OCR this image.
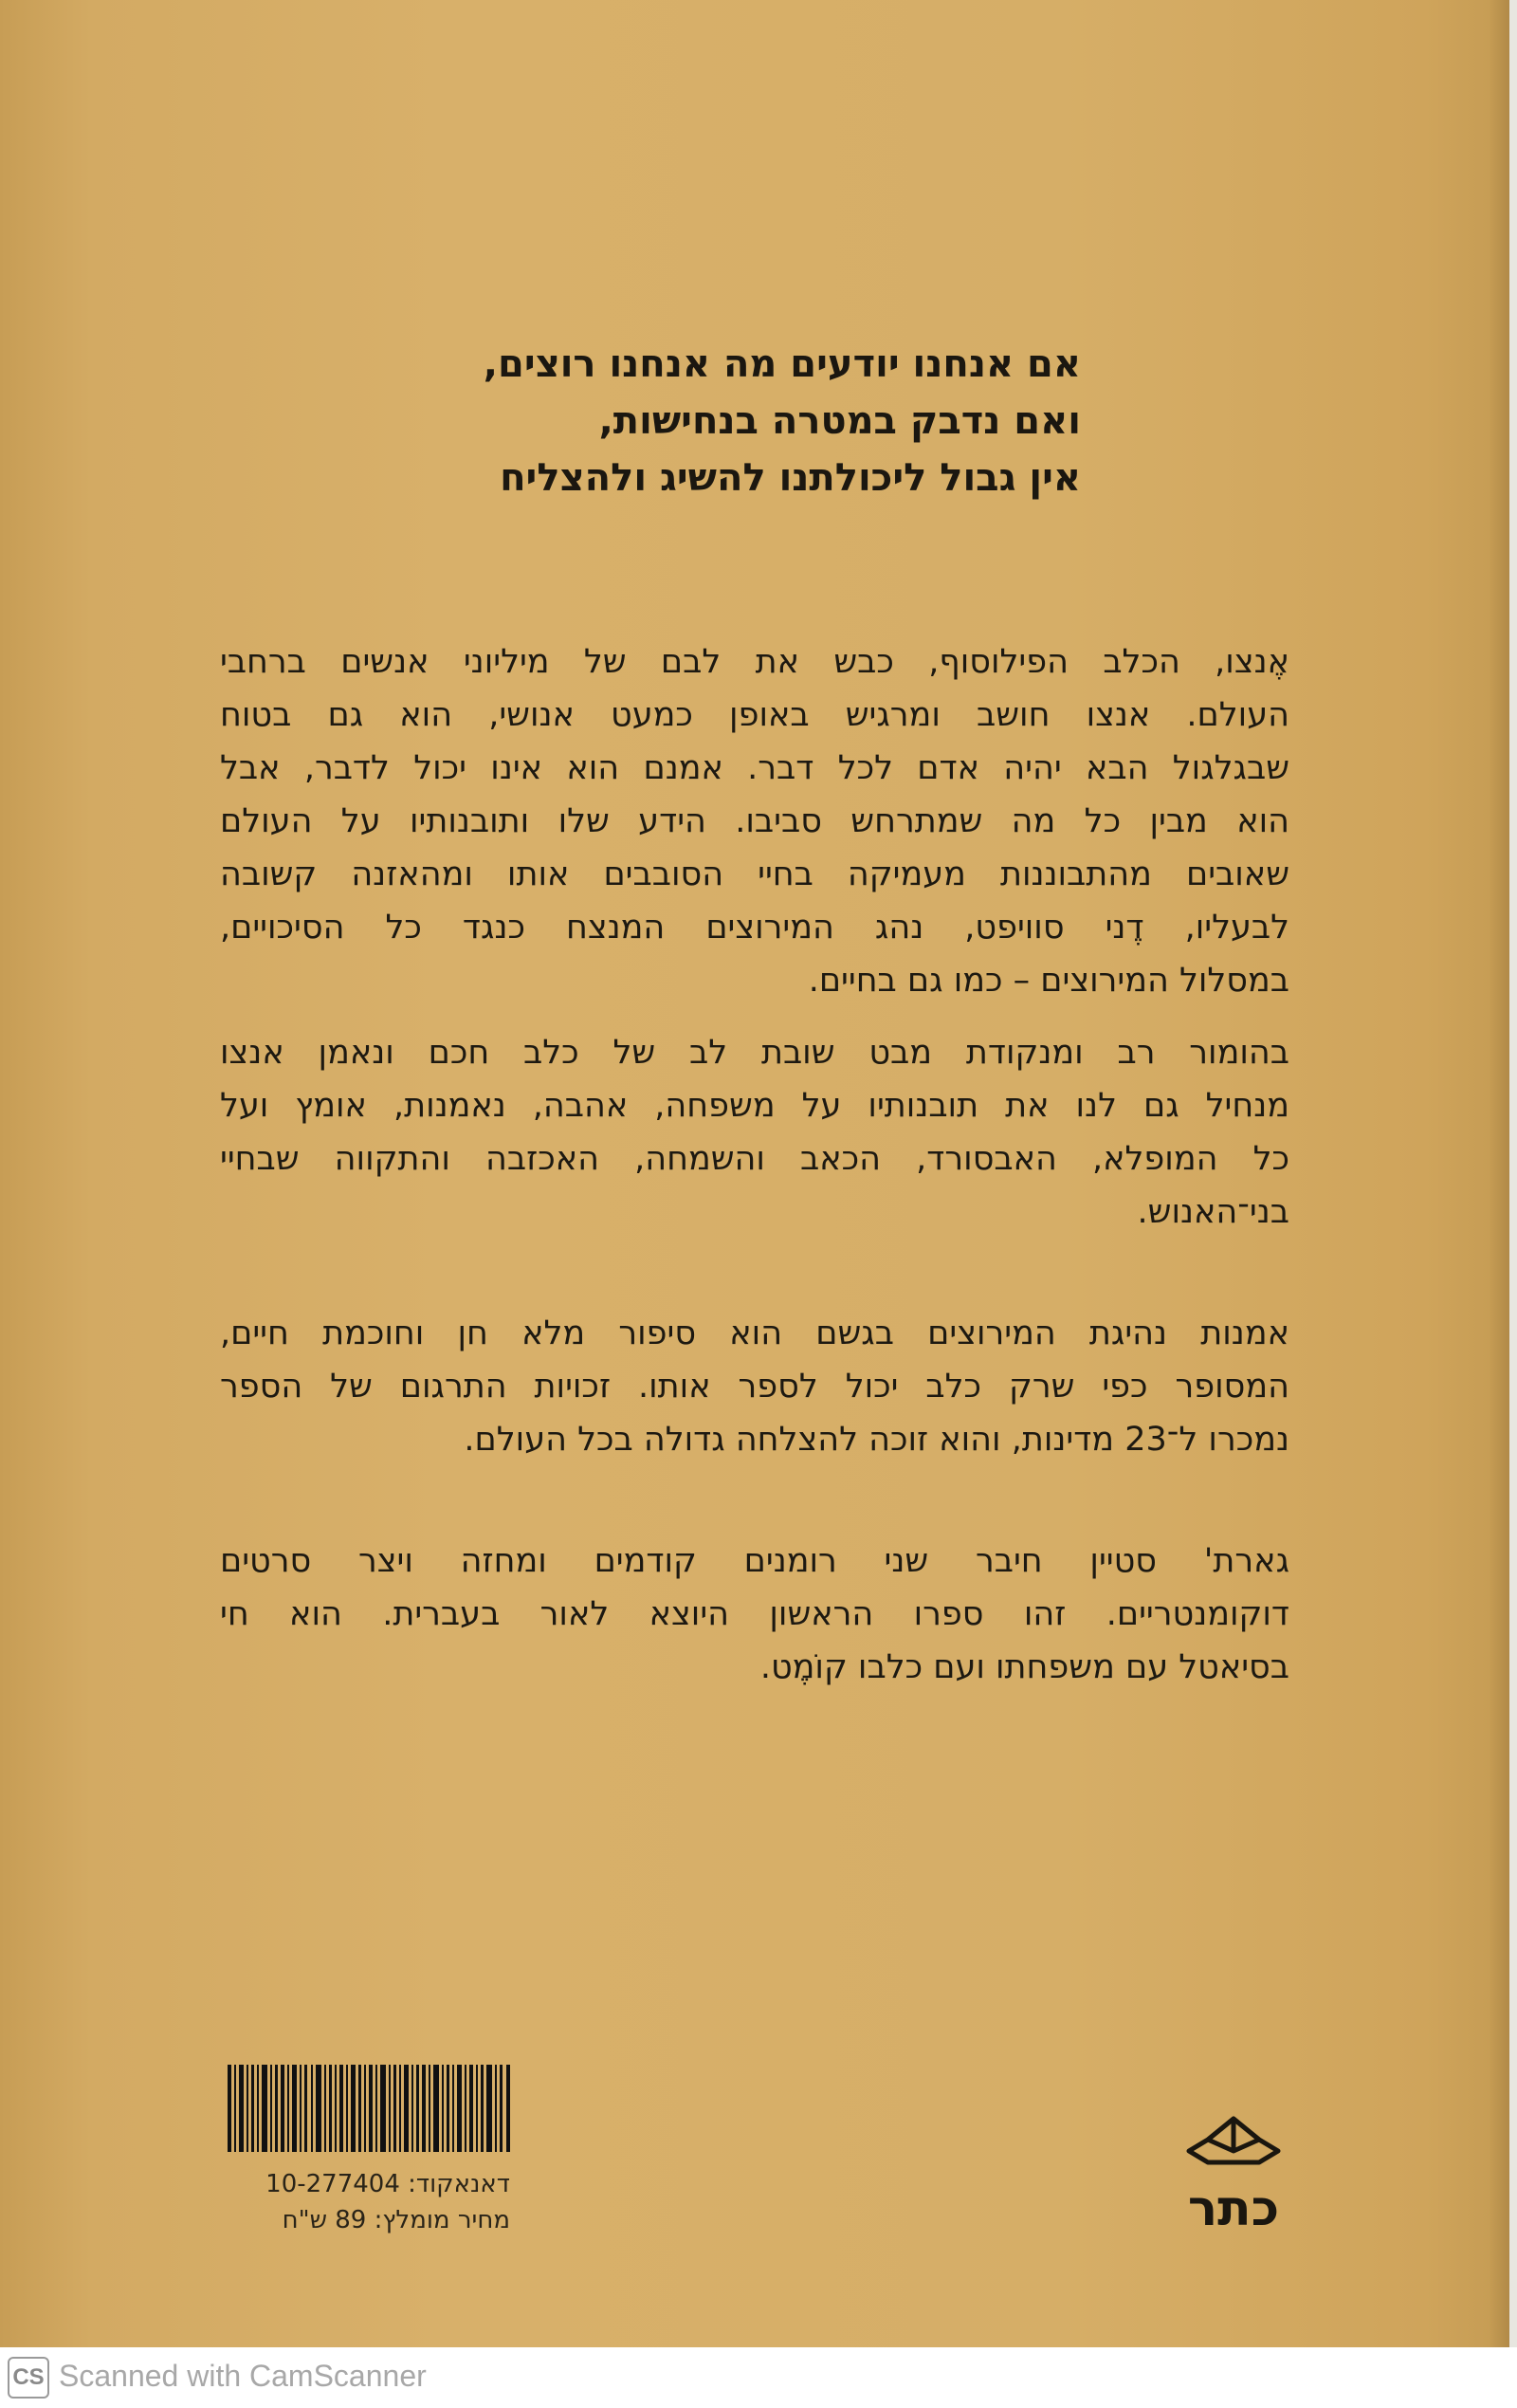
אם אנחנו יודעים מה אנחנו רוצים,
ואם נדבק במטרה בנחישות,
אין גבול ליכולתנו להשיג ולהצליח
אֶנצו, הכלב הפילוסוף, כבש את לבם של מיליוני אנשים ברחבי
העולם. אנצו חושב ומרגיש באופן כמעט אנושי, הוא גם בטוח
שבגלגול הבא יהיה אדם לכל דבר. אמנם הוא אינו יכול לדבר, אבל
הוא מבין כל מה שמתרחש סביבו. הידע שלו ותובנותיו על העולם
שאובים מהתבוננות מעמיקה בחיי הסובבים אותו ומהאזנה קשובה
לבעליו, דֶני סוויפט, נהג המירוצים המנצח כנגד כל הסיכויים,
במסלול המירוצים – כמו גם בחיים.
בהומור רב ומנקודת מבט שובת לב של כלב חכם ונאמן אנצו
מנחיל גם לנו את תובנותיו על משפחה, אהבה, נאמנות, אומץ ועל
כל המופלא, האבסורד, הכאב והשמחה, האכזבה והתקווה שבחיי
בני־האנוש.
אמנות נהיגת המירוצים בגשם הוא סיפור מלא חן וחוכמת חיים,
המסופר כפי שרק כלב יכול לספר אותו. זכויות התרגום של הספר
נמכרו ל־23 מדינות, והוא זוכה להצלחה גדולה בכל העולם.
גארת' סטיין חיבר שני רומנים קודמים ומחזה ויצר סרטים
דוקומנטריים. זהו ספרו הראשון היוצא לאור בעברית. הוא חי
בסיאטל עם משפחתו ועם כלבו קוֹמֶט.
דאנאקוד: 10-277404
מחיר מומלץ: 89 ש"ח	כתר
CS Scanned with CamScanner
